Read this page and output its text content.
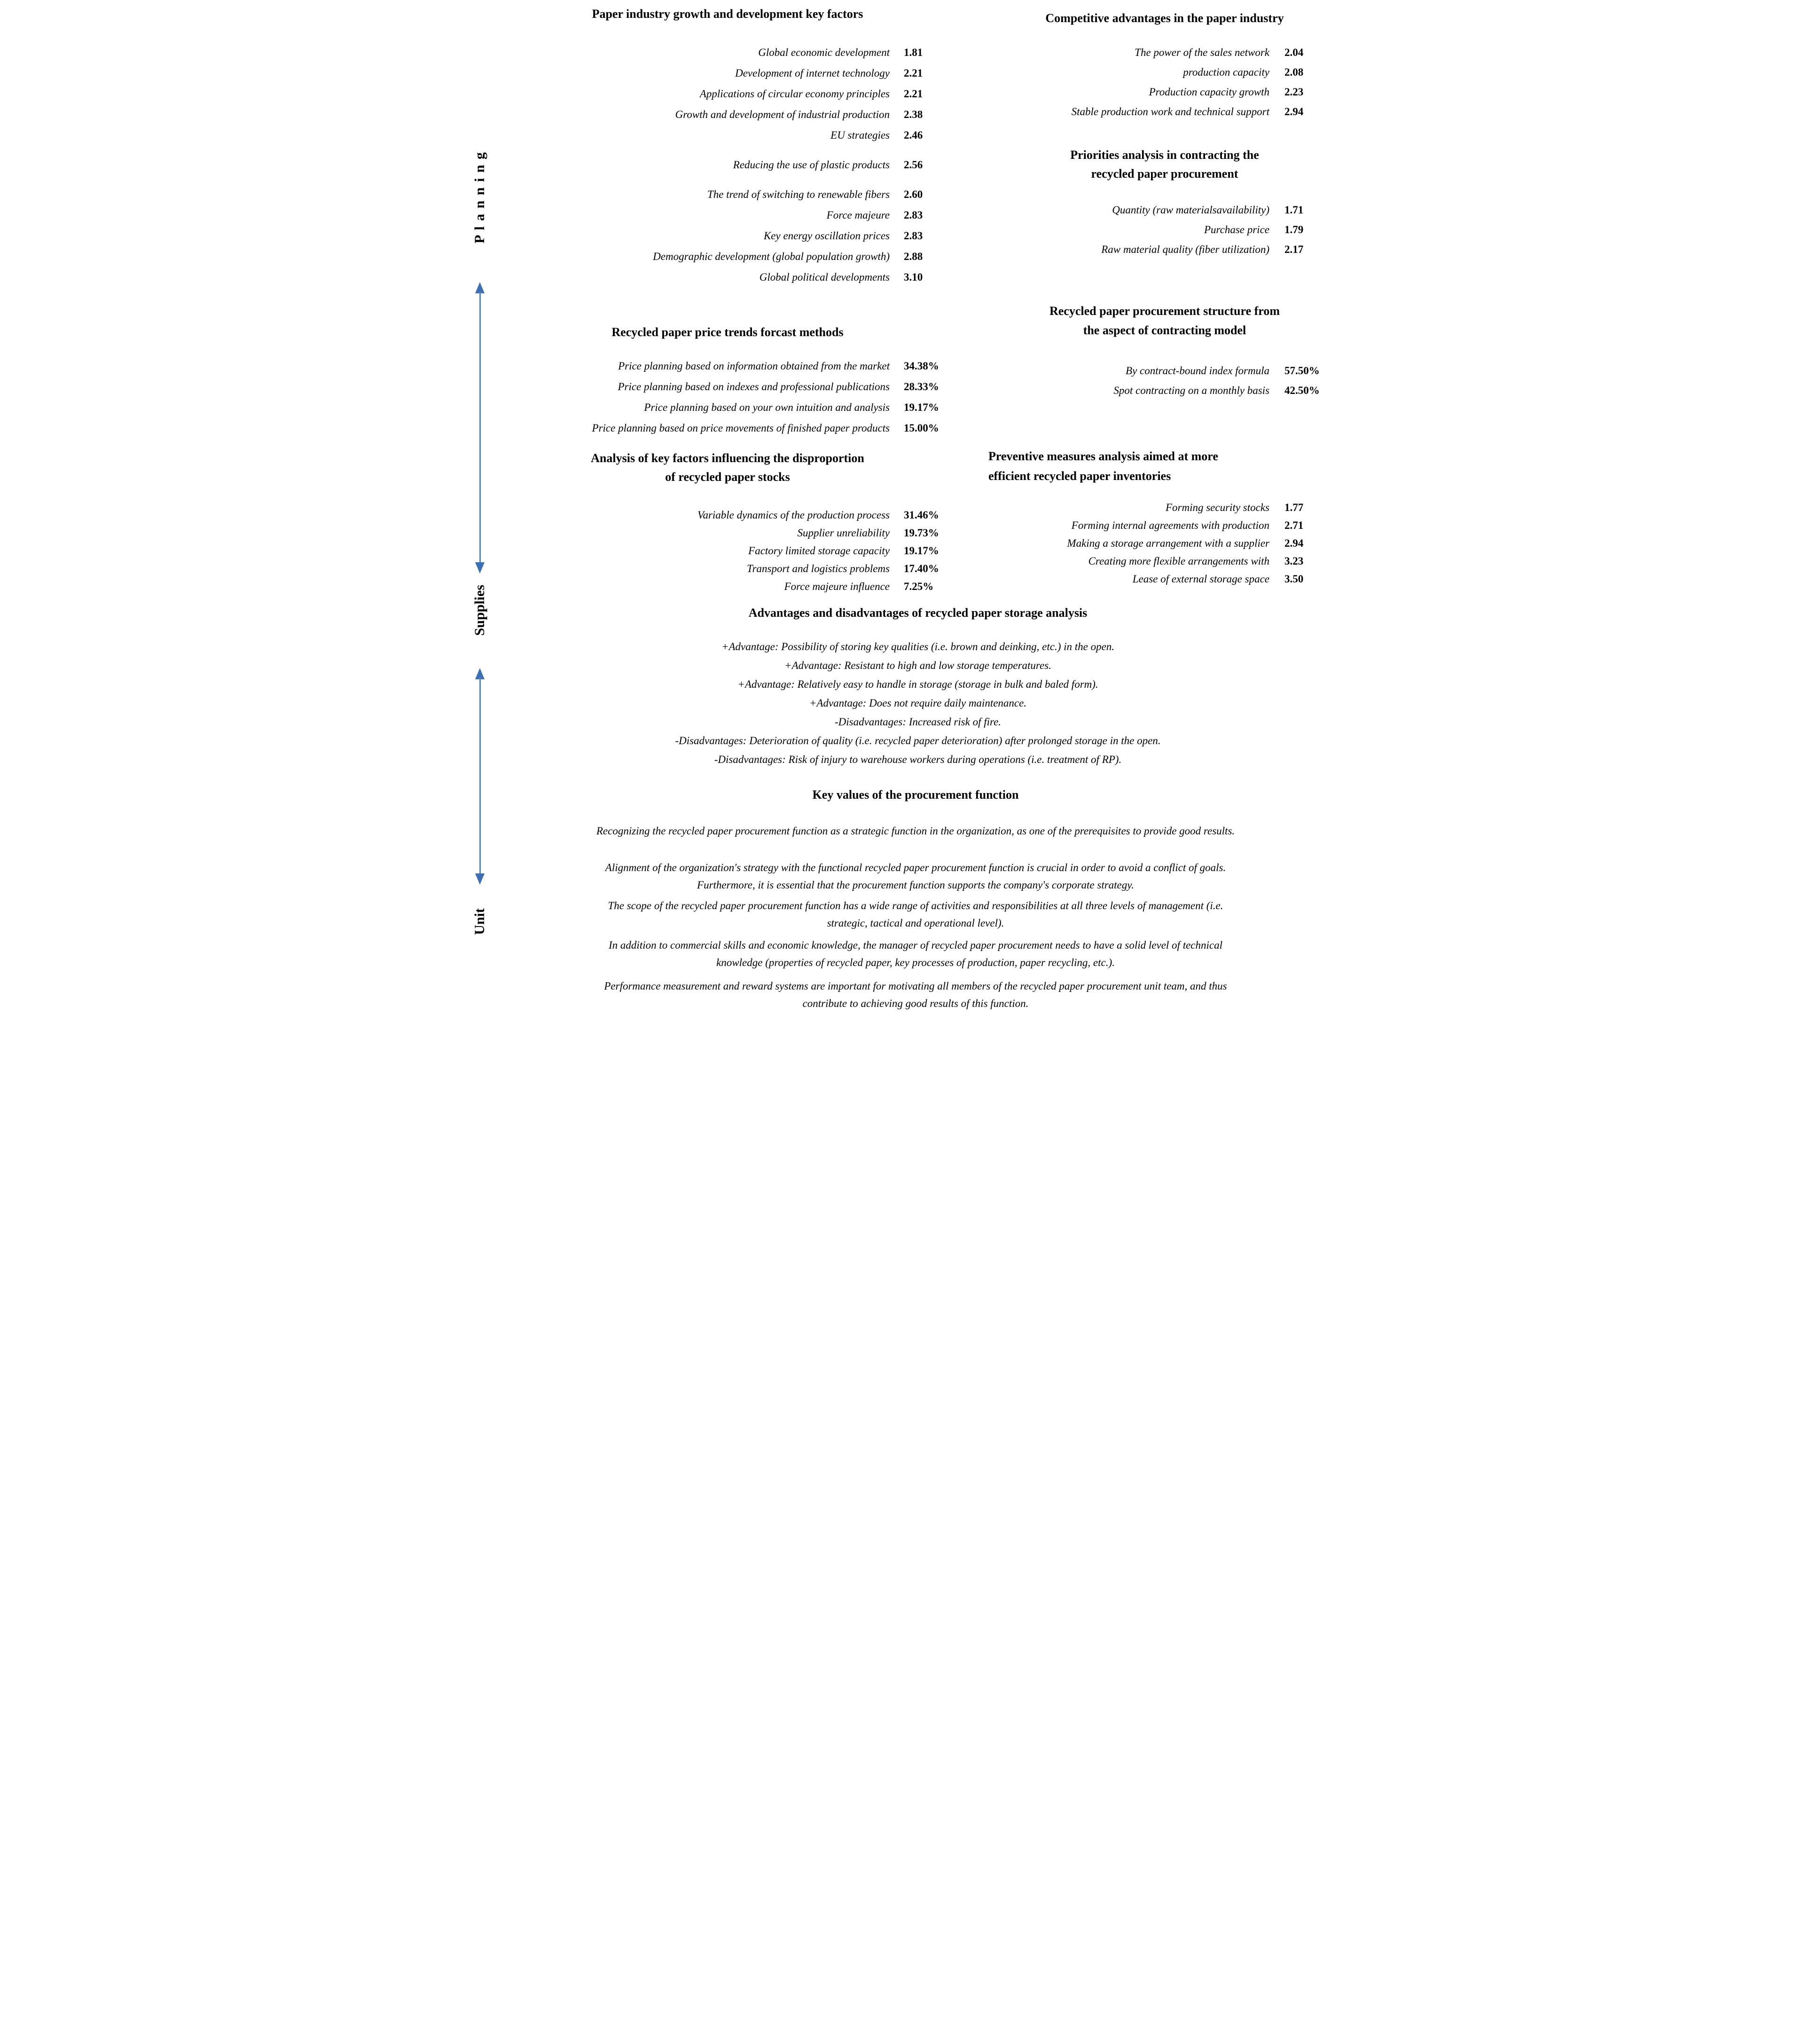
P l a n n i n g
Supplies
Unit
Paper industry growth and development key factors
Global economic development 1.81
Development of internet technology 2.21
Applications of circular economy principles 2.21
Growth and development of industrial production 2.38
EU strategies 2.46
Reducing the use of plastic products 2.56
The trend of switching to renewable fibers 2.60
Force majeure 2.83
Key energy oscillation prices 2.83
Demographic development (global population growth) 2.88
Global political developments 3.10
Competitive advantages in the paper industry
The power of the sales network 2.04
production capacity 2.08
Production capacity growth 2.23
Stable production work and technical support 2.94
Priorities analysis in contracting the
recycled paper procurement
Quantity (raw materialsavailability) 1.71
Purchase price 1.79
Raw material quality (fiber utilization) 2.17
Recycled paper price trends forcast methods
Price planning based on information obtained from the market 34.38%
Price planning based on indexes and professional publications 28.33%
Price planning based on your own intuition and analysis 19.17%
Price planning based on price movements of finished paper products 15.00%
Recycled paper procurement structure from
the aspect of contracting model
By contract-bound index formula 57.50%
Spot contracting on a monthly basis 42.50%
Analysis of key factors influencing the disproportion
of recycled paper stocks
Variable dynamics of the production process 31.46%
Supplier unreliability 19.73%
Factory limited storage capacity 19.17%
Transport and logistics problems 17.40%
Force majeure influence 7.25%
Preventive measures analysis aimed at more
efficient recycled paper inventories
Forming security stocks 1.77
Forming internal agreements with production 2.71
Making a storage arrangement with a supplier 2.94
Creating more flexible arrangements with 3.23
Lease of external storage space 3.50
Advantages and disadvantages of recycled paper storage analysis

+Advantage: Possibility of storing key qualities (i.e. brown and deinking, etc.) in the open.

+Advantage: Resistant to high and low storage temperatures.

+Advantage: Relatively easy to handle in storage (storage in bulk and baled form).

+Advantage: Does not require daily maintenance.

-Disadvantages: Increased risk of fire.

-Disadvantages: Deterioration of quality (i.e. recycled paper deterioration) after prolonged storage in the open.

-Disadvantages: Risk of injury to warehouse workers during operations (i.e. treatment of RP).

Key values of the procurement function
Recognizing the recycled paper procurement function as a strategic function in the organization, as one of the prerequisites to provide good results.
Alignment of the organization's strategy with the functional recycled paper procurement function is crucial in order to avoid a conflict of goals.
Furthermore, it is essential that the procurement function supports the company's corporate strategy.
The scope of the recycled paper procurement function has a wide range of activities and responsibilities at all three levels of management (i.e.
strategic, tactical and operational level).
In addition to commercial skills and economic knowledge, the manager of recycled paper procurement needs to have a solid level of technical
knowledge (properties of recycled paper, key processes of production, paper recycling, etc.).
Performance measurement and reward systems are important for motivating all members of the recycled paper procurement unit team, and thus
contribute to achieving good results of this function.
